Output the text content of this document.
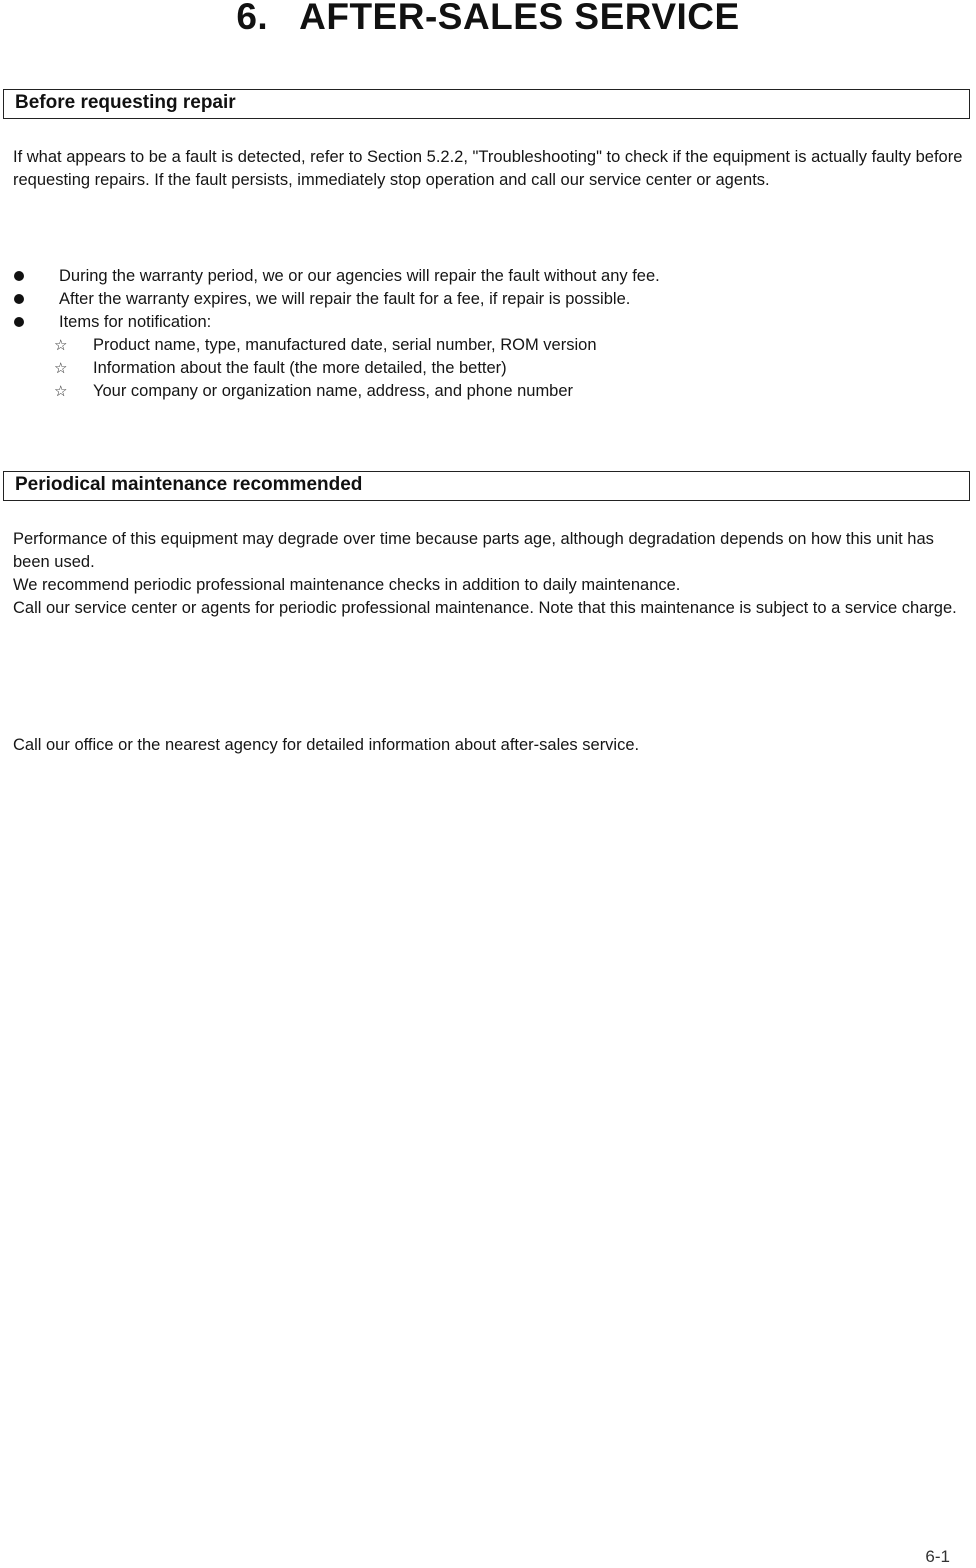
6.   AFTER-SALES SERVICE
Before requesting repair

If what appears to be a fault is detected, refer to Section 5.2.2, "Troubleshooting" to check if the equipment is actually faulty before requesting repairs. If the fault persists, immediately stop operation and call our service center or agents.

During the warranty period, we or our agencies will repair the fault without any fee.
After the warranty expires, we will repair the fault for a fee, if repair is possible.
Items for notification:
☆ Product name, type, manufactured date, serial number, ROM version
☆ Information about the fault (the more detailed, the better)
☆ Your company or organization name, address, and phone number
Periodical maintenance recommended

Performance of this equipment may degrade over time because parts age, although degradation depends on how this unit has been used.

We recommend periodic professional maintenance checks in addition to daily maintenance.

Call our service center or agents for periodic professional maintenance. Note that this maintenance is subject to a service charge.

Call our office or the nearest agency for detailed information about after-sales service.
6-1
